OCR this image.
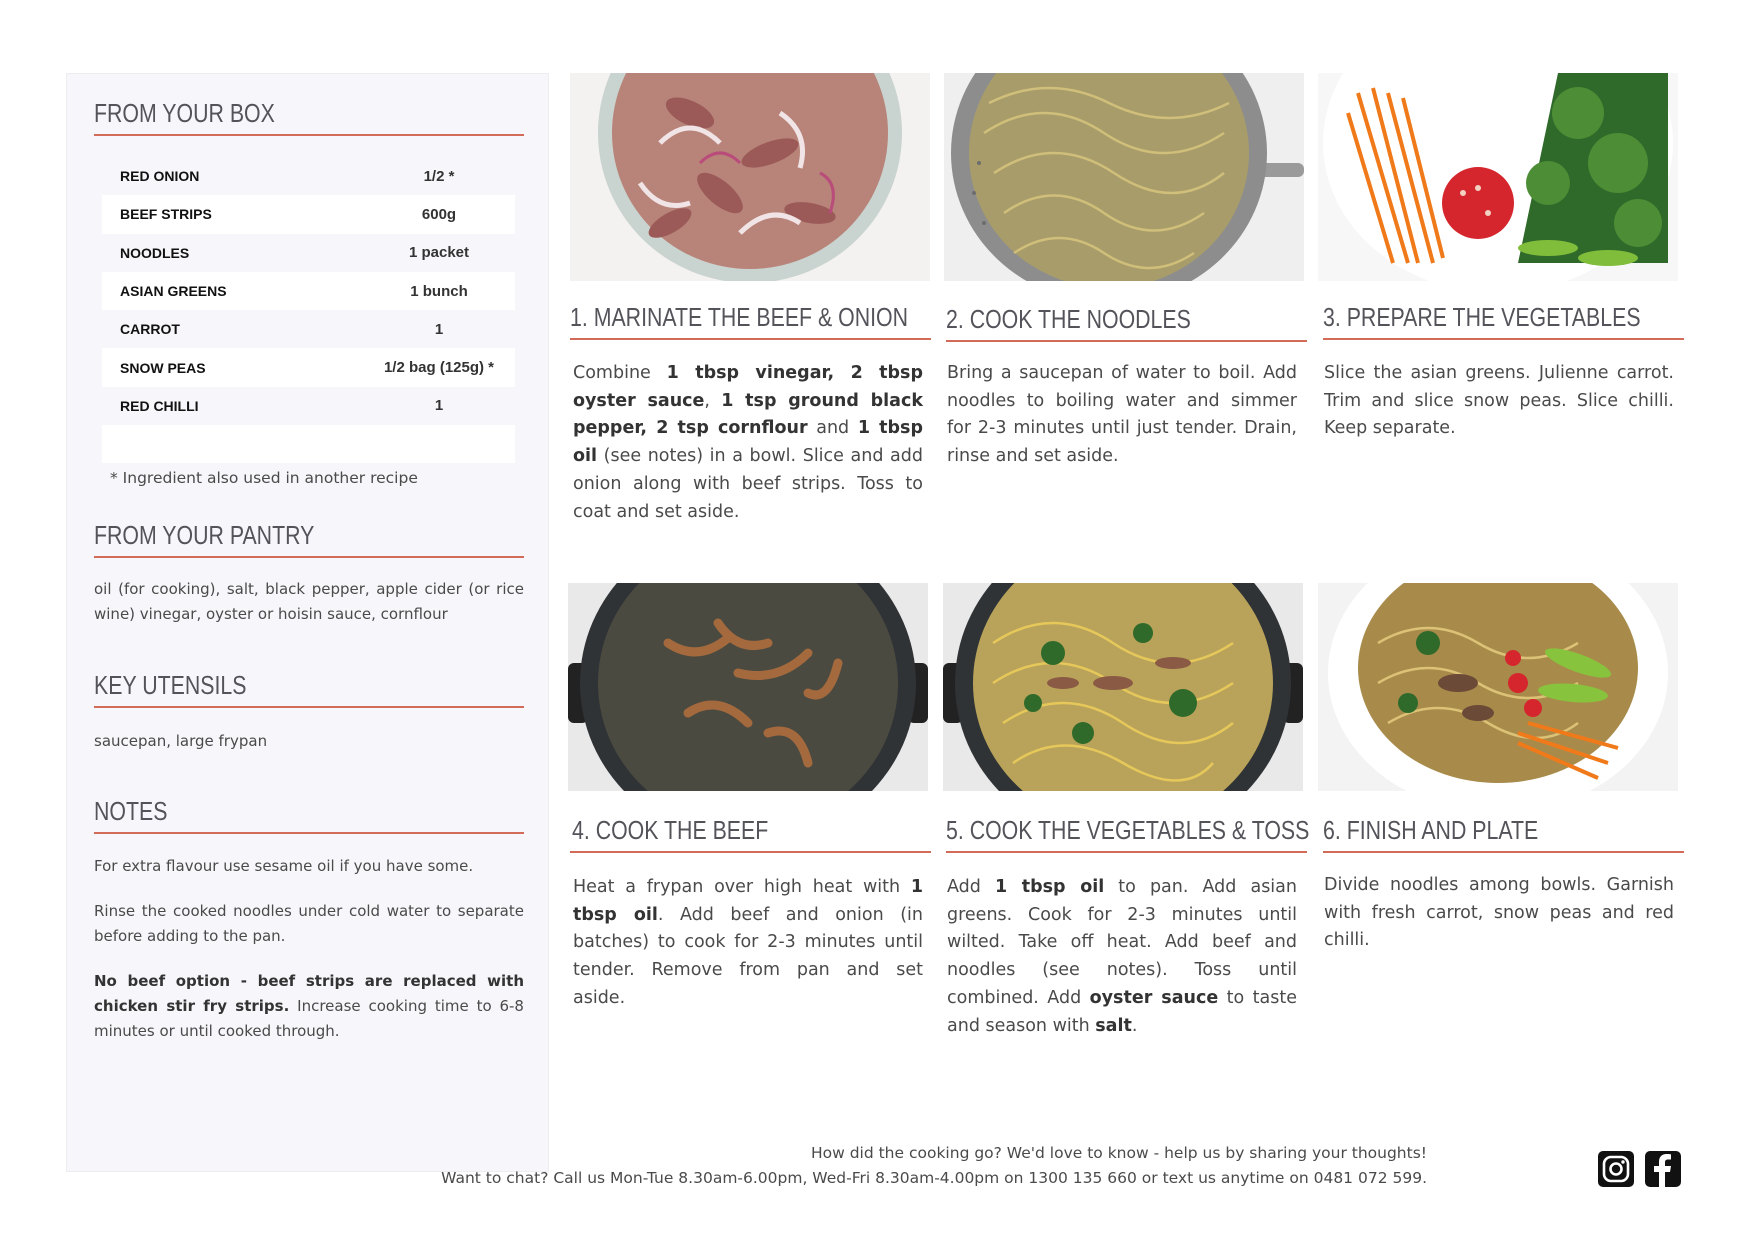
FROM YOUR BOX
RED ONION	1/2 *
BEEF STRIPS	600g
NOODLES	1 packet
ASIAN GREENS	1 bunch
CARROT	1
SNOW PEAS	1/2 bag (125g) *
RED CHILLI	1
* Ingredient also used in another recipe
FROM YOUR PANTRY
oil (for cooking), salt, black pepper, apple cider (or rice wine) vinegar, oyster or hoisin sauce, cornflour
KEY UTENSILS
saucepan, large frypan
NOTES

For extra flavour use sesame oil if you have some.

Rinse the cooked noodles under cold water to separate before adding to the pan.

No beef option - beef strips are replaced with chicken stir fry strips. Increase cooking time to 6-8 minutes or until cooked through.

1. MARINATE THE BEEF & ONION
Combine 1 tbsp vinegar, 2 tbsp oyster sauce, 1 tsp ground black pepper, 2 tsp cornflour and 1 tbsp oil (see notes) in a bowl. Slice and add onion along with beef strips. Toss to coat and set aside.
2. COOK THE NOODLES
Bring a saucepan of water to boil. Add noodles to boiling water and simmer for 2-3 minutes until just tender. Drain, rinse and set aside.
3. PREPARE THE VEGETABLES
Slice the asian greens. Julienne carrot. Trim and slice snow peas. Slice chilli. Keep separate.
4. COOK THE BEEF
Heat a frypan over high heat with 1 tbsp oil. Add beef and onion (in batches) to cook for 2-3 minutes until tender. Remove from pan and set aside.
5. COOK THE VEGETABLES & TOSS
Add 1 tbsp oil to pan. Add asian greens. Cook for 2-3 minutes until wilted. Take off heat. Add beef and noodles (see notes). Toss until combined. Add oyster sauce to taste and season with salt.
6. FINISH AND PLATE
Divide noodles among bowls. Garnish with fresh carrot, snow peas and red chilli.
How did the cooking go? We'd love to know - help us by sharing your thoughts!
Want to chat? Call us Mon-Tue 8.30am-6.00pm, Wed-Fri 8.30am-4.00pm on 1300 135 660 or text us anytime on 0481 072 599.
